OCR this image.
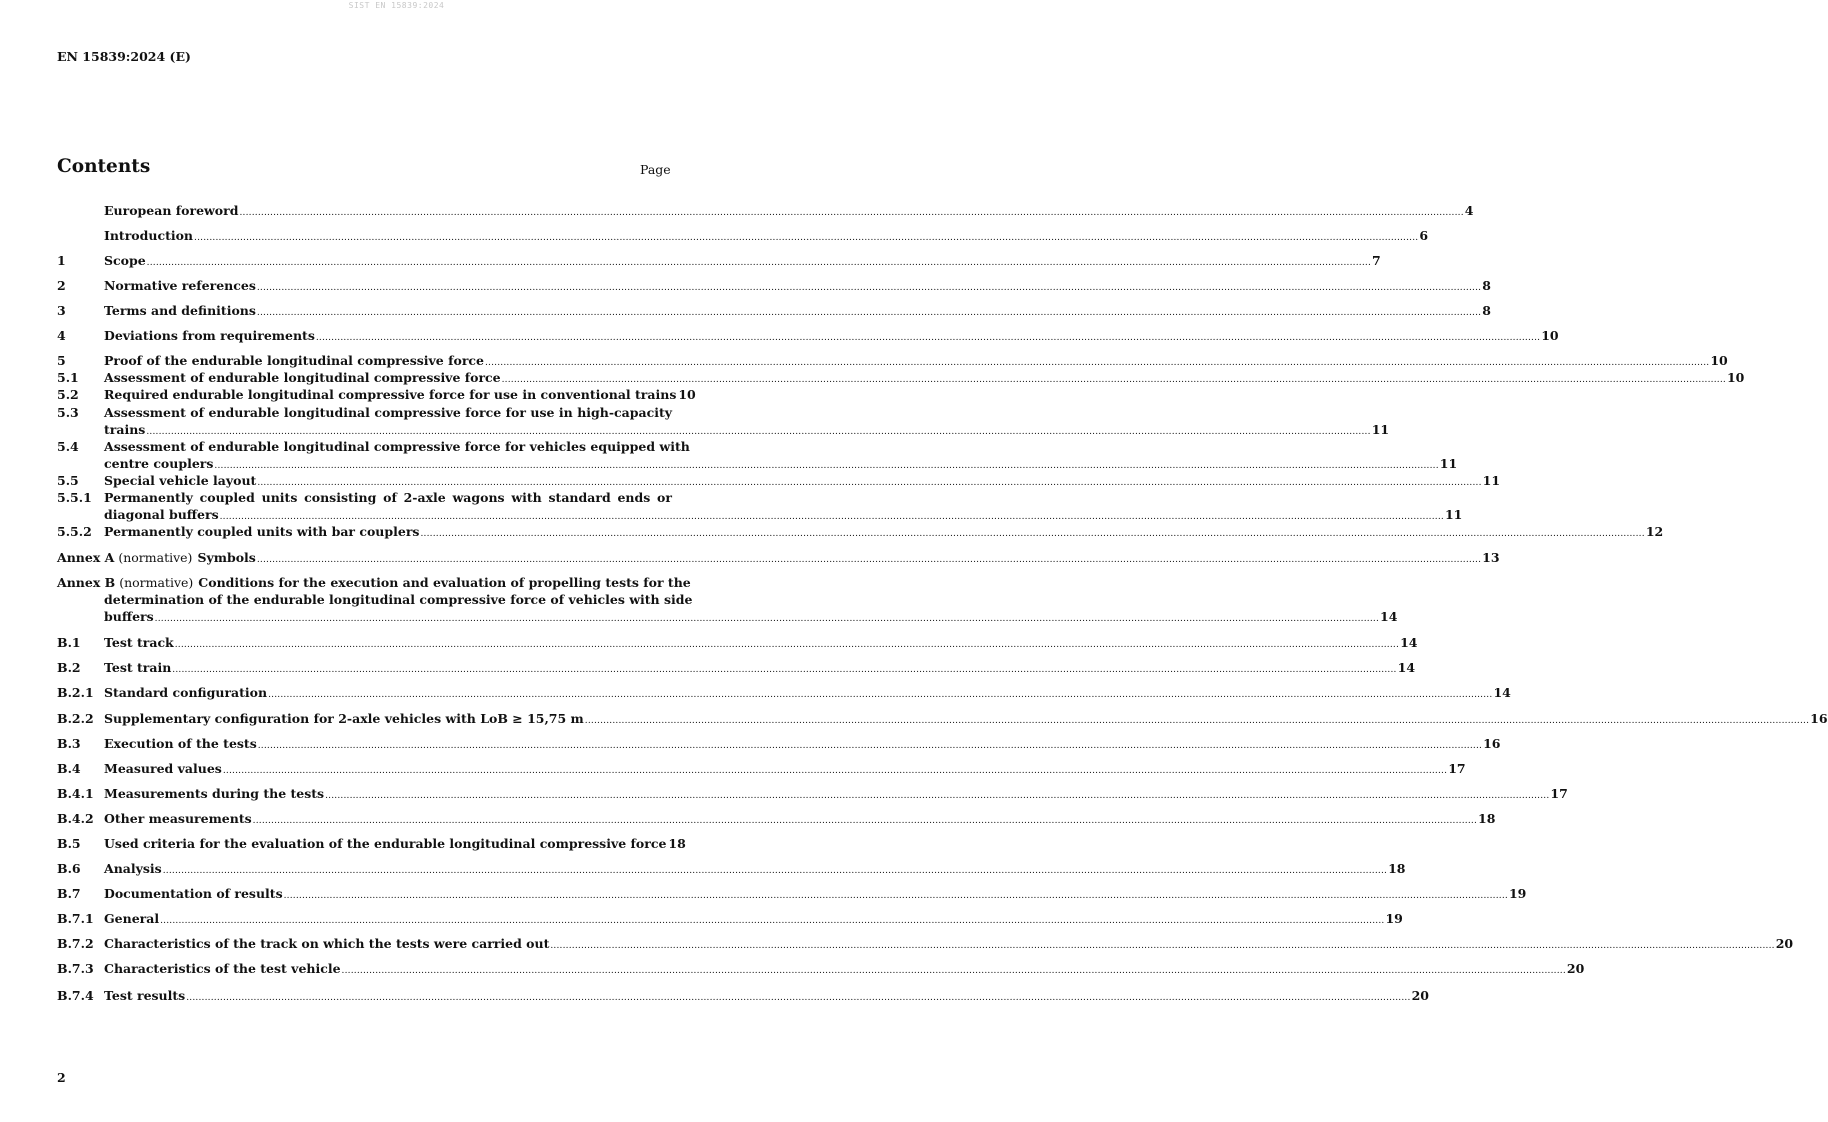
SIST EN 15839:2024
EN 15839:2024 (E)
Contents	Page
European foreword ................................................................................................................................................................................................................................................................................................................................................................................................................ 4
Introduction ................................................................................................................................................................................................................................................................................................................................................................................................................ 6
1	Scope ................................................................................................................................................................................................................................................................................................................................................................................................................ 7
2	Normative references ................................................................................................................................................................................................................................................................................................................................................................................................................ 8
3	Terms and definitions ................................................................................................................................................................................................................................................................................................................................................................................................................ 8
4	Deviations from requirements ................................................................................................................................................................................................................................................................................................................................................................................................................ 10
5	Proof of the endurable longitudinal compressive force ................................................................................................................................................................................................................................................................................................................................................................................................................ 10
5.1 Assessment of endurable longitudinal compressive force ................................................................................................................................................................................................................................................................................................................................................................................................................ 10
5.2 Required endurable longitudinal compressive force for use in conventional trains 10
5.3 Assessment of endurable longitudinal compressive force for use in high-capacity
trains ................................................................................................................................................................................................................................................................................................................................................................................................................ 11
5.4 Assessment of endurable longitudinal compressive force for vehicles equipped with
centre couplers ................................................................................................................................................................................................................................................................................................................................................................................................................ 11
5.5 Special vehicle layout ................................................................................................................................................................................................................................................................................................................................................................................................................ 11
5.5.1 Permanently coupled units consisting of 2-axle wagons with standard ends or
diagonal buffers ................................................................................................................................................................................................................................................................................................................................................................................................................ 11
5.5.2 Permanently coupled units with bar couplers ................................................................................................................................................................................................................................................................................................................................................................................................................ 12
Annex A (normative) Symbols ................................................................................................................................................................................................................................................................................................................................................................................................................ 13
Annex B (normative) Conditions for the execution and evaluation of propelling tests for the
determination of the endurable longitudinal compressive force of vehicles with side
buffers ................................................................................................................................................................................................................................................................................................................................................................................................................ 14
B.1 Test track ................................................................................................................................................................................................................................................................................................................................................................................................................ 14
B.2 Test train ................................................................................................................................................................................................................................................................................................................................................................................................................ 14
B.2.1 Standard configuration ................................................................................................................................................................................................................................................................................................................................................................................................................ 14
B.2.2 Supplementary configuration for 2-axle vehicles with LoB ≥ 15,75 m ................................................................................................................................................................................................................................................................................................................................................................................................................ 16
B.3 Execution of the tests ................................................................................................................................................................................................................................................................................................................................................................................................................ 16
B.4 Measured values ................................................................................................................................................................................................................................................................................................................................................................................................................ 17
B.4.1 Measurements during the tests ................................................................................................................................................................................................................................................................................................................................................................................................................ 17
B.4.2 Other measurements ................................................................................................................................................................................................................................................................................................................................................................................................................ 18
B.5 Used criteria for the evaluation of the endurable longitudinal compressive force 18
B.6 Analysis ................................................................................................................................................................................................................................................................................................................................................................................................................ 18
B.7 Documentation of results ................................................................................................................................................................................................................................................................................................................................................................................................................ 19
B.7.1 General ................................................................................................................................................................................................................................................................................................................................................................................................................ 19
B.7.2 Characteristics of the track on which the tests were carried out ................................................................................................................................................................................................................................................................................................................................................................................................................ 20
B.7.3 Characteristics of the test vehicle ................................................................................................................................................................................................................................................................................................................................................................................................................ 20
B.7.4 Test results ................................................................................................................................................................................................................................................................................................................................................................................................................ 20
2
